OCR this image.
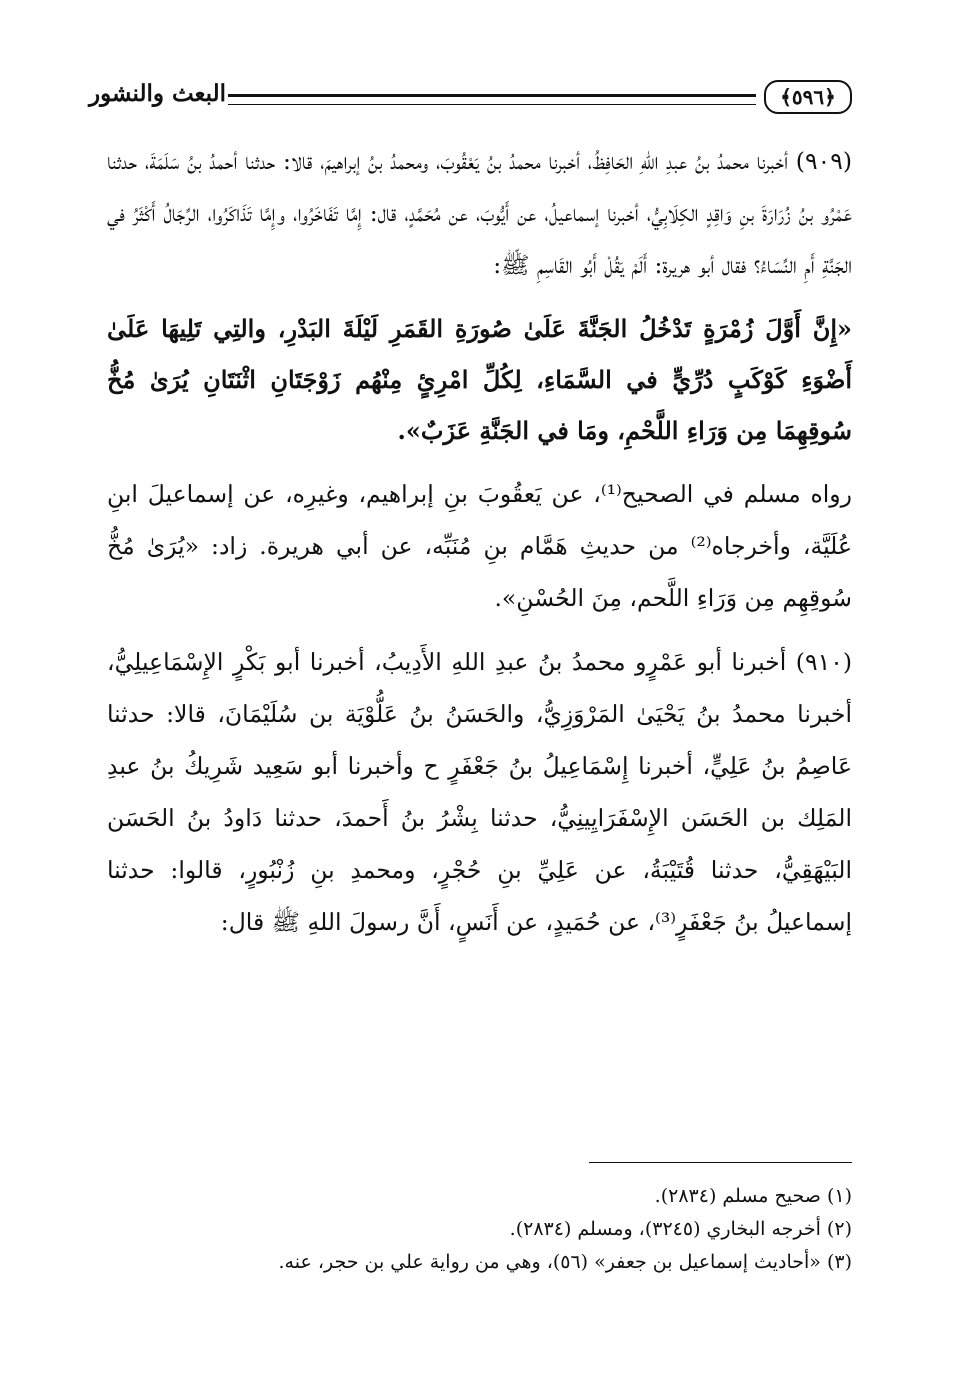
﴿٥٩٦﴾
البعث والنشور

(٩٠٩) أخبرنا محمدُ بنُ عبدِ اللهِ الحَافِظُ، أخبرنا محمدُ بنُ يَعْقُوبَ، ومحمدُ بنُ إبراهيمَ، قالا: حدثنا أحمدُ بنُ سَلَمَةَ، حدثنا عَمْرُو بنُ زُرَارَةَ بنِ وَاقِدٍ الكِلَابِيُّ، أخبرنا إسماعيلُ، عن أَيُّوبَ، عن مُحَمَّدٍ، قال: إِمَّا تَفَاخَرُوا، وإِمَّا تَذَاكَرُوا، الرِّجَالُ أَكْثَرُ في الجَنَّةِ أَمِ النِّسَاءُ؟ فقال أبو هريرة: أَلَمْ يَقُلْ أَبُو القَاسِمِ ﷺ:

«إِنَّ أَوَّلَ زُمْرَةٍ تَدْخُلُ الجَنَّةَ عَلَىٰ صُورَةِ القَمَرِ لَيْلَةَ البَدْرِ، والتِي تَلِيهَا عَلَىٰ أَضْوَءِ كَوْكَبٍ دُرِّيٍّ في السَّمَاءِ، لِكُلِّ امْرِئٍ مِنْهُم زَوْجَتَانِ اثْنَتَانِ يُرَىٰ مُخُّ سُوقِهِمَا مِن وَرَاءِ اللَّحْمِ، ومَا في الجَنَّةِ عَزَبٌ».

رواه مسلم في الصحيح⁽¹⁾، عن يَعقُوبَ بنِ إبراهيم، وغيرِه، عن إسماعيلَ ابنِ عُلَيَّة، وأخرجاه⁽²⁾ من حديثِ هَمَّام بنِ مُنَبِّه، عن أبي هريرة. زاد: «يُرَىٰ مُخُّ سُوقِهِم مِن وَرَاءِ اللَّحم، مِنَ الحُسْنِ».

(٩١٠) أخبرنا أبو عَمْرٍو محمدُ بنُ عبدِ اللهِ الأَدِيبُ، أخبرنا أبو بَكْرٍ الإِسْمَاعِيلِيُّ، أخبرنا محمدُ بنُ يَحْيَىٰ المَرْوَزِيُّ، والحَسَنُ بنُ عَلُّوْيَة بن سُلَيْمَانَ، قالا: حدثنا عَاصِمُ بنُ عَلِيٍّ، أخبرنا إِسْمَاعِيلُ بنُ جَعْفَرٍ ح وأخبرنا أبو سَعِيد شَرِيكُ بنُ عبدِ المَلِك بن الحَسَن الإِسْفَرَايِينِيُّ، حدثنا بِشْرُ بنُ أَحمدَ، حدثنا دَاودُ بنُ الحَسَن البَيْهَقِيُّ، حدثنا قُتَيْبَةُ، عن عَلِيِّ بنِ حُجْرٍ، ومحمدِ بنِ زُنْبُورٍ، قالوا: حدثنا إسماعيلُ بنُ جَعْفَرٍ⁽³⁾، عن حُمَيدٍ، عن أَنَسٍ، أَنَّ رسولَ اللهِ ﷺ قال:

(١) صحيح مسلم (٢٨٣٤).

(٢) أخرجه البخاري (٣٢٤٥)، ومسلم (٢٨٣٤).

(٣) «أحاديث إسماعيل بن جعفر» (٥٦)، وهي من رواية علي بن حجر، عنه.
